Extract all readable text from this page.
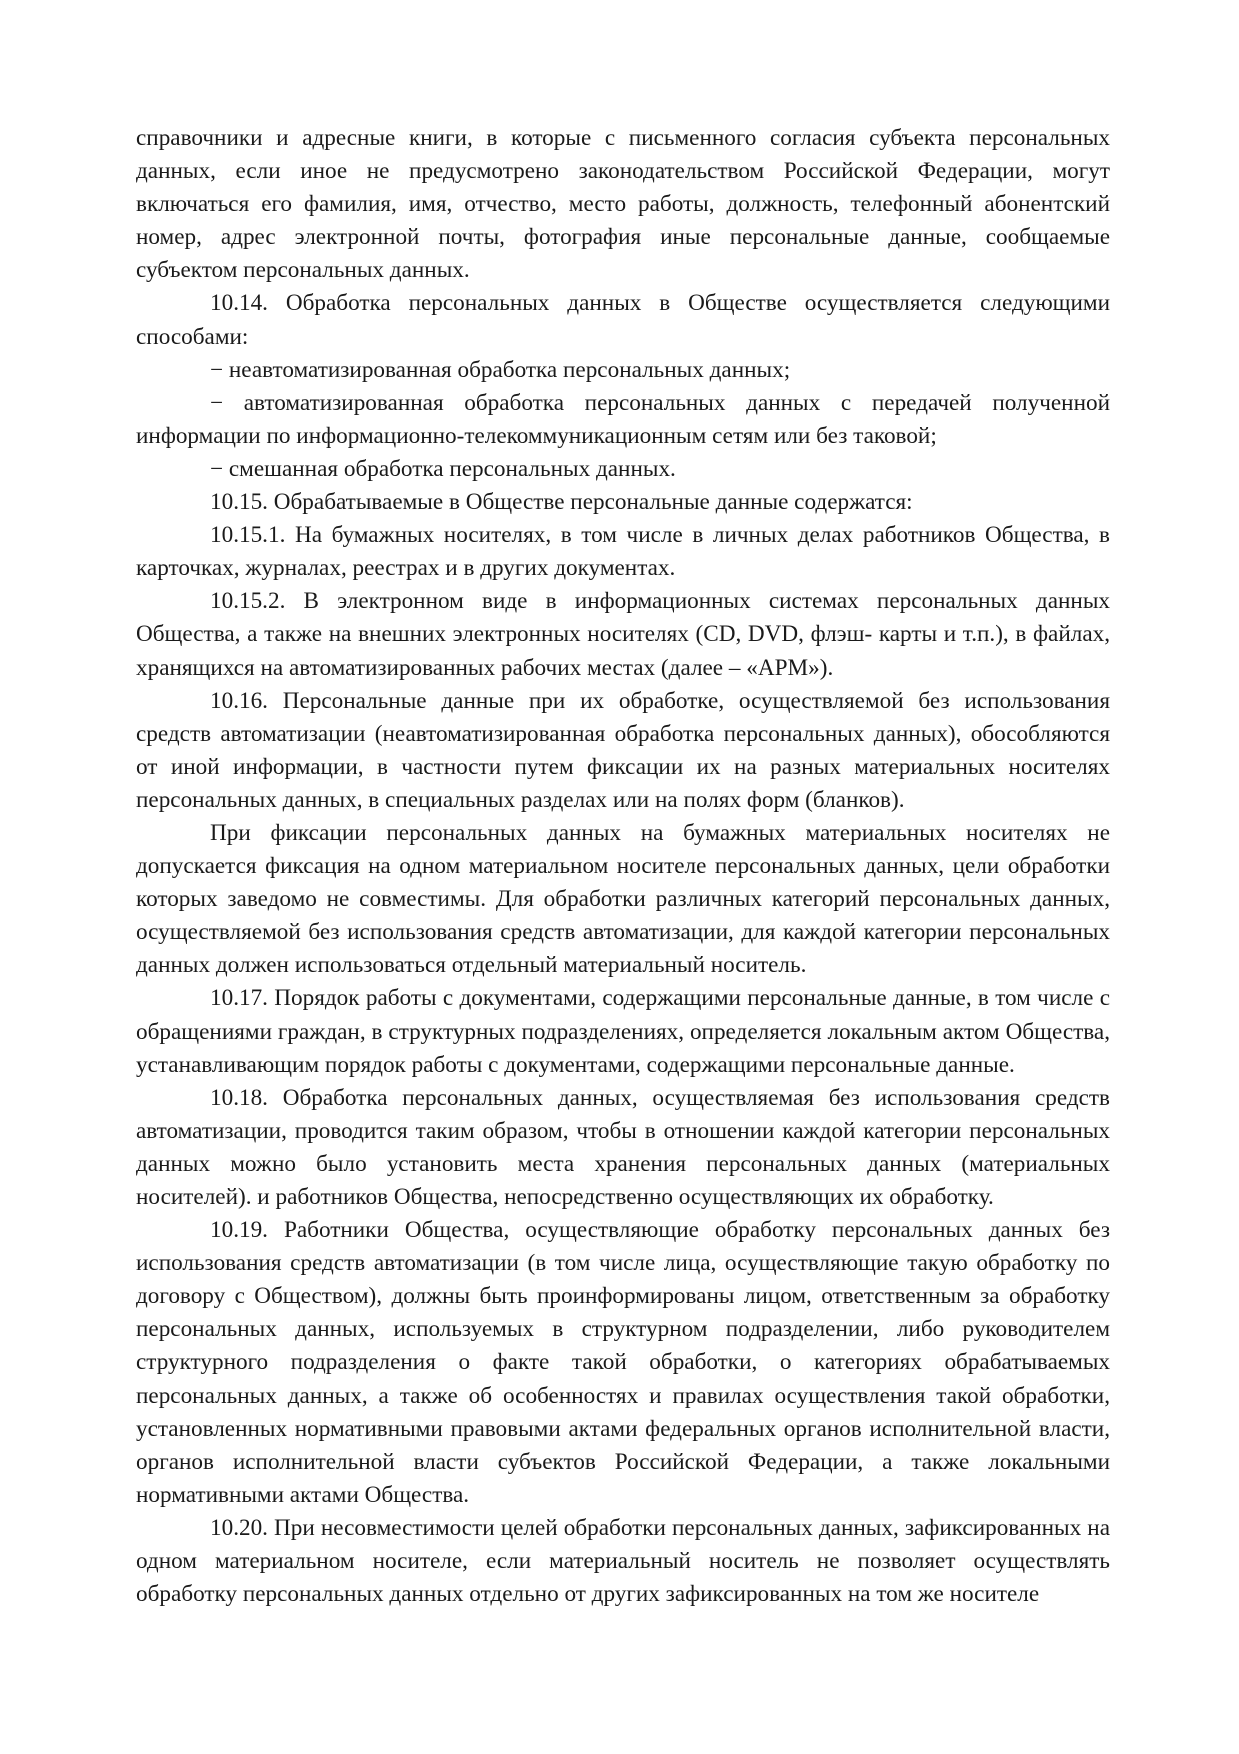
справочники и адресные книги, в которые с письменного согласия субъекта персональных данных, если иное не предусмотрено законодательством Российской Федерации, могут включаться его фамилия, имя, отчество, место работы, должность, телефонный абонентский номер, адрес электронной почты, фотография иные персональные данные, сообщаемые субъектом персональных данных.

10.14. Обработка персональных данных в Обществе осуществляется следующими способами:

− неавтоматизированная обработка персональных данных;

− автоматизированная обработка персональных данных с передачей полученной информации по информационно-телекоммуникационным сетям или без таковой;

− смешанная обработка персональных данных.

10.15. Обрабатываемые в Обществе персональные данные содержатся:

10.15.1. На бумажных носителях, в том числе в личных делах работников Общества, в карточках, журналах, реестрах и в других документах.

10.15.2. В электронном виде в информационных системах персональных данных Общества, а также на внешних электронных носителях (CD, DVD, флэш- карты и т.п.), в файлах, хранящихся на автоматизированных рабочих местах (далее – «АРМ»).

10.16. Персональные данные при их обработке, осуществляемой без использования средств автоматизации (неавтоматизированная обработка персональных данных), обособляются от иной информации, в частности путем фиксации их на разных материальных носителях персональных данных, в специальных разделах или на полях форм (бланков).

При фиксации персональных данных на бумажных материальных носителях не допускается фиксация на одном материальном носителе персональных данных, цели обработки которых заведомо не совместимы. Для обработки различных категорий персональных данных, осуществляемой без использования средств автоматизации, для каждой категории персональных данных должен использоваться отдельный материальный носитель.

10.17. Порядок работы с документами, содержащими персональные данные, в том числе с обращениями граждан, в структурных подразделениях, определяется локальным актом Общества, устанавливающим порядок работы с документами, содержащими персональные данные.

10.18. Обработка персональных данных, осуществляемая без использования средств автоматизации, проводится таким образом, чтобы в отношении каждой категории персональных данных можно было установить места хранения персональных данных (материальных носителей). и работников Общества, непосредственно осуществляющих их обработку.

10.19. Работники Общества, осуществляющие обработку персональных данных без использования средств автоматизации (в том числе лица, осуществляющие такую обработку по договору с Обществом), должны быть проинформированы лицом, ответственным за обработку персональных данных, используемых в структурном подразделении, либо руководителем структурного подразделения о факте такой обработки, о категориях обрабатываемых персональных данных, а также об особенностях и правилах осуществления такой обработки, установленных нормативными правовыми актами федеральных органов исполнительной власти, органов исполнительной власти субъектов Российской Федерации, а также локальными нормативными актами Общества.

10.20. При несовместимости целей обработки персональных данных, зафиксированных на одном материальном носителе, если материальный носитель не позволяет осуществлять обработку персональных данных отдельно от других зафиксированных на том же носителе
